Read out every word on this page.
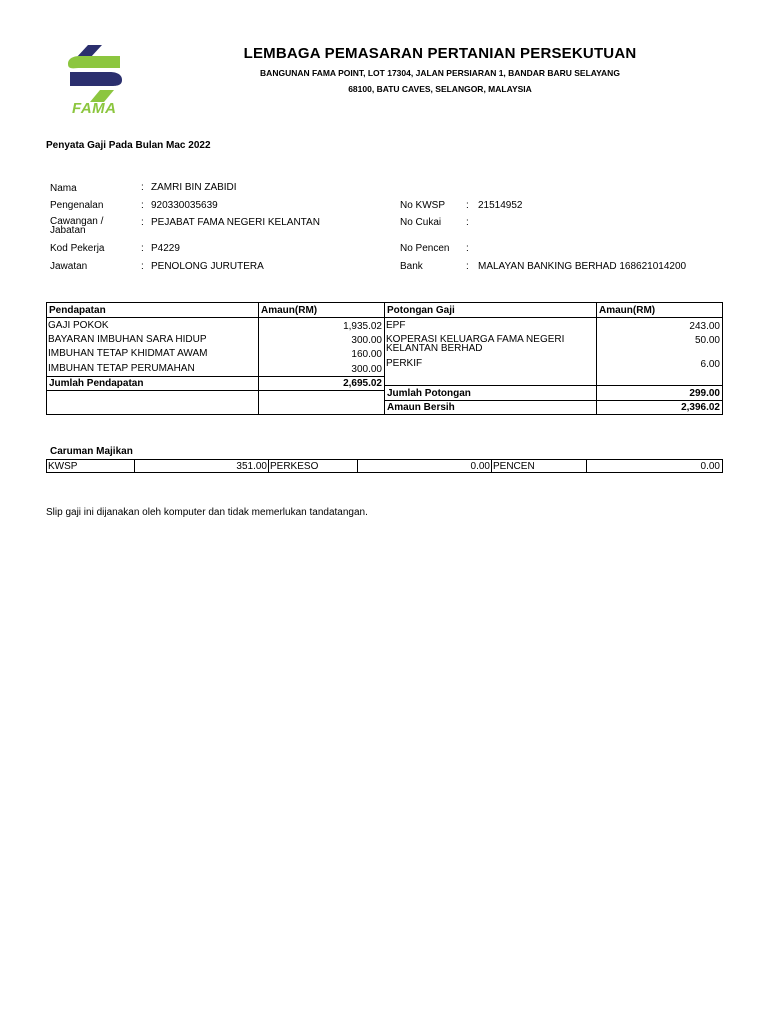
FAMA
LEMBAGA PEMASARAN PERTANIAN PERSEKUTUAN
BANGUNAN FAMA POINT, LOT 17304, JALAN PERSIARAN 1, BANDAR BARU SELAYANG
68100, BATU CAVES, SELANGOR, MALAYSIA
Penyata Gaji Pada Bulan Mac 2022
Nama	: ZAMRI BIN ZABIDI
Pengenalan	: 920330035639
Cawangan /
Jabatan
: PEJABAT FAMA NEGERI KELANTAN
Kod Pekerja	: P4229
Jawatan	: PENOLONG JURUTERA
No KWSP : 21514952
No Cukai :
No Pencen :
Bank	: MALAYAN BANKING BERHAD 168621014200
Pendapatan	Amaun(RM)	Potongan Gaji	Amaun(RM)
GAJI POKOK	1,935.02
BAYARAN IMBUHAN SARA HIDUP	300.00
IMBUHAN TETAP KHIDMAT AWAM	160.00
IMBUHAN TETAP PERUMAHAN	300.00
Jumlah Pendapatan	2,695.02
EPF	243.00
KOPERASI KELUARGA FAMA NEGERI
KELANTAN BERHAD
50.00
PERKIF	6.00
Jumlah Potongan	299.00
Amaun Bersih	2,396.02
Caruman Majikan
KWSP	351.00 PERKESO	0.00 PENCEN	0.00
Slip gaji ini dijanakan oleh komputer dan tidak memerlukan tandatangan.
